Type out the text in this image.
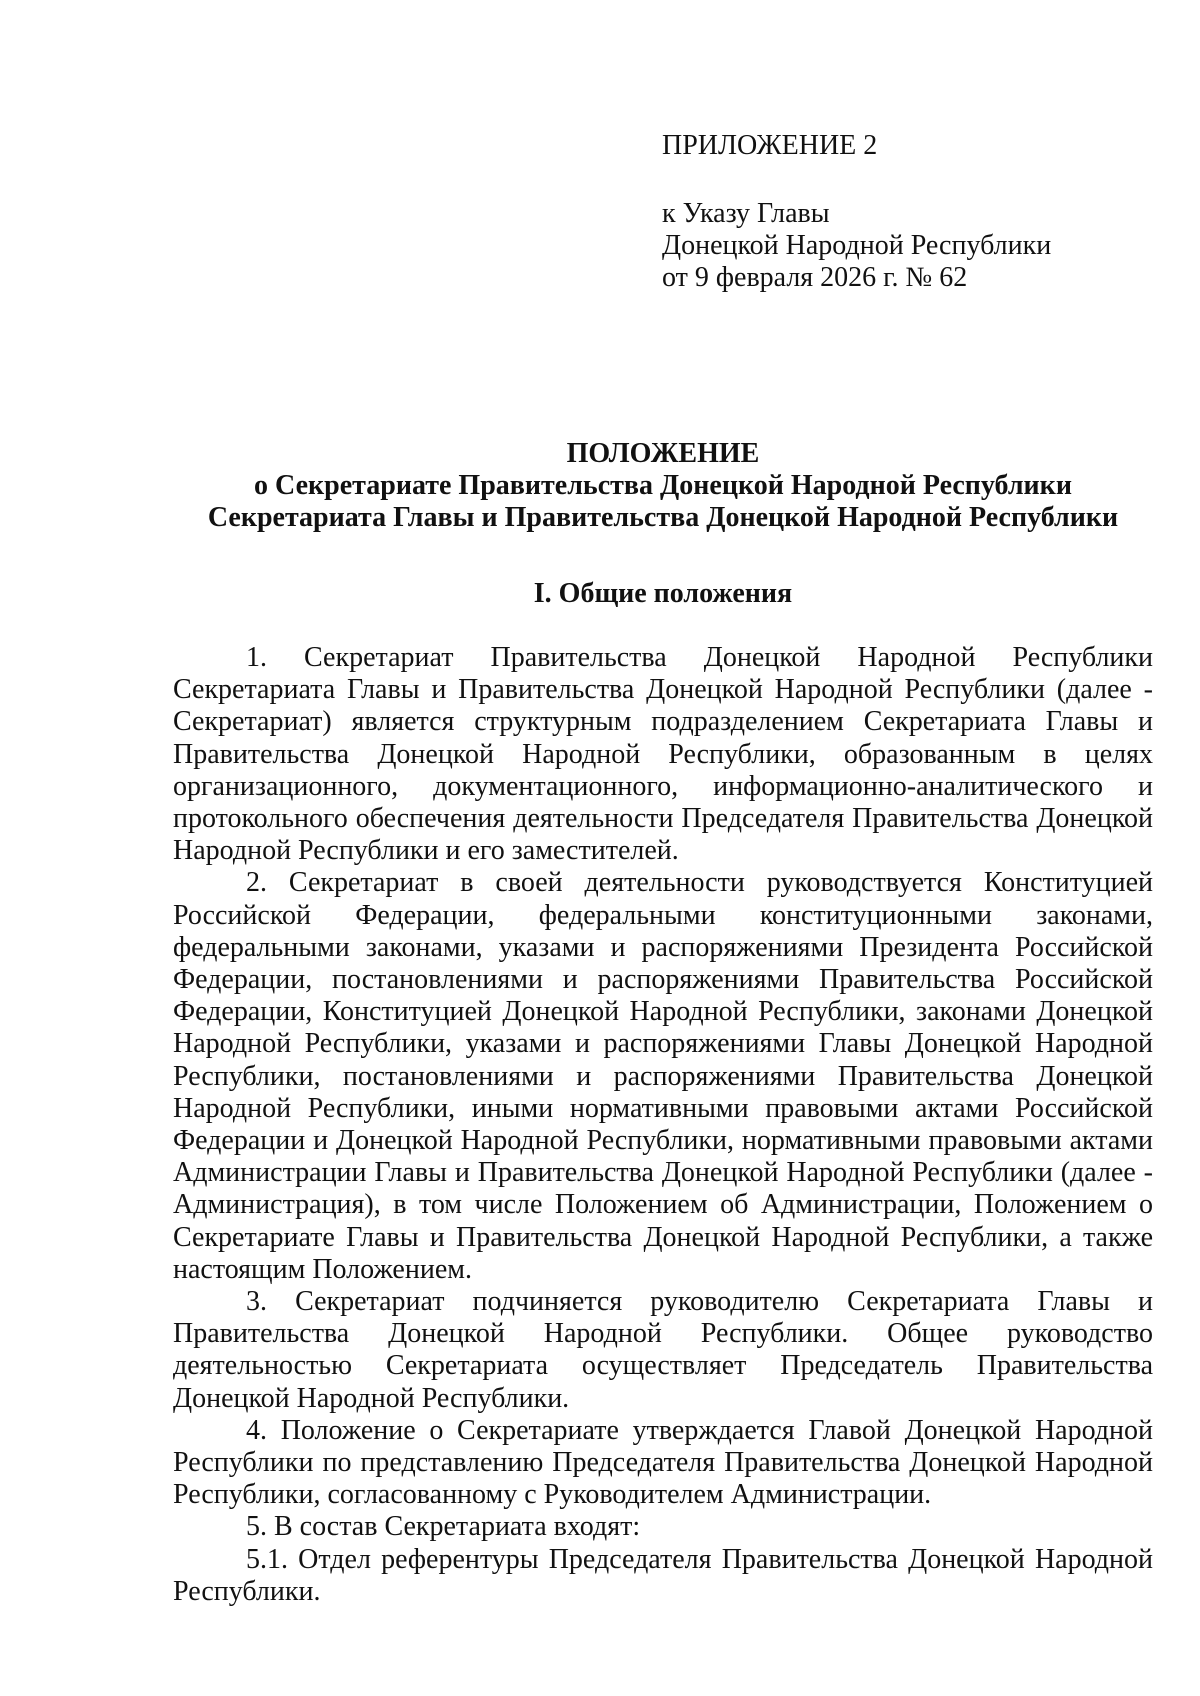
ПРИЛОЖЕНИЕ 2

к Указу Главы

Донецкой Народной Республики

от 9 февраля 2026 г. № 62

ПОЛОЖЕНИЕ

о Секретариате Правительства Донецкой Народной Республики

Секретариата Главы и Правительства Донецкой Народной Республики

I. Общие положения

1. Секретариат Правительства Донецкой Народной Республики Секретариата Главы и Правительства Донецкой Народной Республики (далее - Секретариат) является структурным подразделением Секретариата Главы и Правительства Донецкой Народной Республики, образованным в целях организационного, документационного, информационно-аналитического и протокольного обеспечения деятельности Председателя Правительства Донецкой Народной Республики и его заместителей.

2. Секретариат в своей деятельности руководствуется Конституцией Российской Федерации, федеральными конституционными законами, федеральными законами, указами и распоряжениями Президента Российской Федерации, постановлениями и распоряжениями Правительства Российской Федерации, Конституцией Донецкой Народной Республики, законами Донецкой Народной Республики, указами и распоряжениями Главы Донецкой Народной Республики, постановлениями и распоряжениями Правительства Донецкой Народной Республики, иными нормативными правовыми актами Российской Федерации и Донецкой Народной Республики, нормативными правовыми актами Администрации Главы и Правительства Донецкой Народной Республики (далее - Администрация), в том числе Положением об Администрации, Положением о Секретариате Главы и Правительства Донецкой Народной Республики, а также настоящим Положением.

3. Секретариат подчиняется руководителю Секретариата Главы и Правительства Донецкой Народной Республики. Общее руководство деятельностью Секретариата осуществляет Председатель Правительства Донецкой Народной Республики.

4. Положение о Секретариате утверждается Главой Донецкой Народной Республики по представлению Председателя Правительства Донецкой Народной Республики, согласованному с Руководителем Администрации.

5. В состав Секретариата входят:

5.1. Отдел референтуры Председателя Правительства Донецкой Народной Республики.
